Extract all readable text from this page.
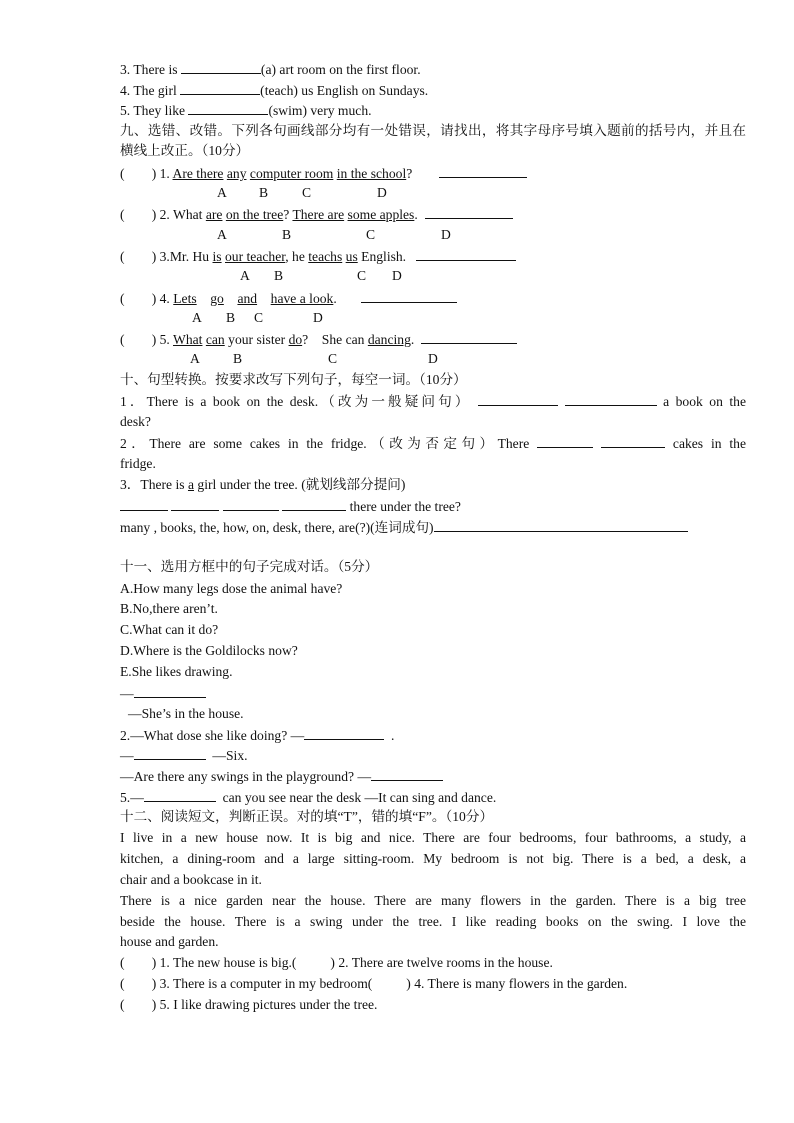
3. There is	(a) art room on the first floor.
4. The girl	(teach) us English on Sundays.
5. They like	(swim) very much.
九、选错、改错。下列各句画线部分均有一处错误，请找出，将其字母序号填入题前的括号内，并且在
横线上改正。（10分）
(        ) 1. Are there any computer room in the school?
A B C	D
(        ) 2. What are on the tree? There are some apples.
A	B	C	D
(        ) 3.Mr. Hu is our teacher, he teachs us English.
A B	C D
(        ) 4. Lets go and have a look.
A B C	D
(        ) 5. What can your sister do?    She can dancing.
A B	C	D
十、句型转换。按要求改写下列句子，每空一词。（10分）
1．There is a book on the desk.（改为一般疑问句）	a book on the
desk?
2．There are some cakes in the fridge.（改为否定句）There	cakes in the
fridge.
3．There is a girl under the tree. (就划线部分提问)
there under the tree?
many , books, the, how, on, desk, there, are(?)(连词成句)
十一、选用方框中的句子完成对话。（5分）
A.How many legs dose the animal have?
B.No,there aren’t.
C.What can it do?
D.Where is the Goldilocks now?
E.She likes drawing.
—
—She’s in the house.
2.—What dose she like doing? —	.
—	—Six.
—Are there any swings in the playground? —
5.—	can you see near the desk —It can sing and dance.
十二、阅读短文，判断正误。对的填“T”，错的填“F”。（10分）
I live in a new house now. It is big and nice. There are four bedrooms, four bathrooms, a study, a
kitchen, a dining-room and a large sitting-room. My bedroom is not big. There is a bed, a desk, a
chair and a bookcase in it.
There is a nice garden near the house. There are many flowers in the garden. There is a big tree
beside the house. There is a swing under the tree. I like reading books on the swing. I love the
house and garden.
(        ) 1. The new house is big.(          ) 2. There are twelve rooms in the house.
(        ) 3. There is a computer in my bedroom(          ) 4. There is many flowers in the garden.
(        ) 5. I like drawing pictures under the tree.
